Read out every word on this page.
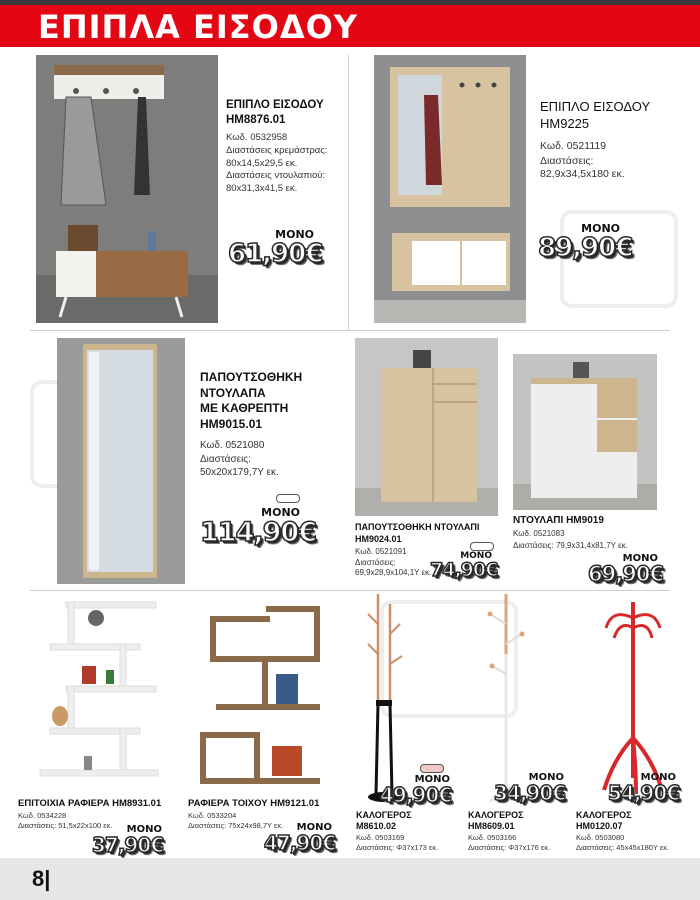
ΕΠΙΠΛΑ ΕΙΣΟΔΟΥ
ΕΠΙΠΛΟ ΕΙΣΟΔΟΥ
HM8876.01
Κωδ. 0532958
Διαστάσεις κρεμάστρας:
80x14,5x29,5 εκ.
Διαστάσεις ντουλαπιού:
80x31,3x41,5 εκ.
ΜΟΝΟ
61,90€
ΕΠΙΠΛΟ ΕΙΣΟΔΟΥ
HM9225
Κωδ. 0521119
Διαστάσεις:
82,9x34,5x180 εκ.
ΜΟΝΟ
89,90€
ΠΑΠΟΥΤΣΟΘΗΚΗ
ΝΤΟΥΛΑΠΑ
ΜΕ ΚΑΘΡΕΠΤΗ
HM9015.01
Κωδ. 0521080
Διαστάσεις:
50x20x179,7Υ εκ.
ΜΟΝΟ
114,90€	ΠΑΠΟΥΤΣΟΘΗΚΗ ΝΤΟΥΛΑΠΙ
HM9024.01
Κωδ. 0521091
Διαστάσεις:
69,9x28,9x104,1Υ εκ.
ΜΟΝΟ
74,90€
ΝΤΟΥΛΑΠΙ HM9019
Κωδ. 0521083
Διαστάσεις: 79,9x31,4x81,7Υ εκ.
ΜΟΝΟ
69,90€
ΕΠΙΤΟΙΧΙΑ ΡΑΦΙΕΡΑ HM8931.01
Κωδ. 0534228
Διαστάσεις: 51,5x22x100 εκ.	ΜΟΝΟ
37,90€
ΡΑΦΙΕΡΑ ΤΟΙΧΟΥ HM9121.01
Κωδ. 0533204
Διαστάσεις: 75x24x98,7Υ εκ.	ΜΟΝΟ
47,90€
ΜΟΝΟ
49,90€
ΚΑΛΟΓΕΡΟΣ
M8610.02
Κωδ. 0503169
Διαστάσεις: Φ37x173 εκ.
ΜΟΝΟ
34,90€
ΚΑΛΟΓΕΡΟΣ
HM8609.01
Κωδ. 0503166
Διαστάσεις: Φ37x176 εκ.
ΜΟΝΟ
54,90€
ΚΑΛΟΓΕΡΟΣ
HM0120.07
Κωδ. 0503080
Διαστάσεις: 45x45x180Υ εκ.
8|
